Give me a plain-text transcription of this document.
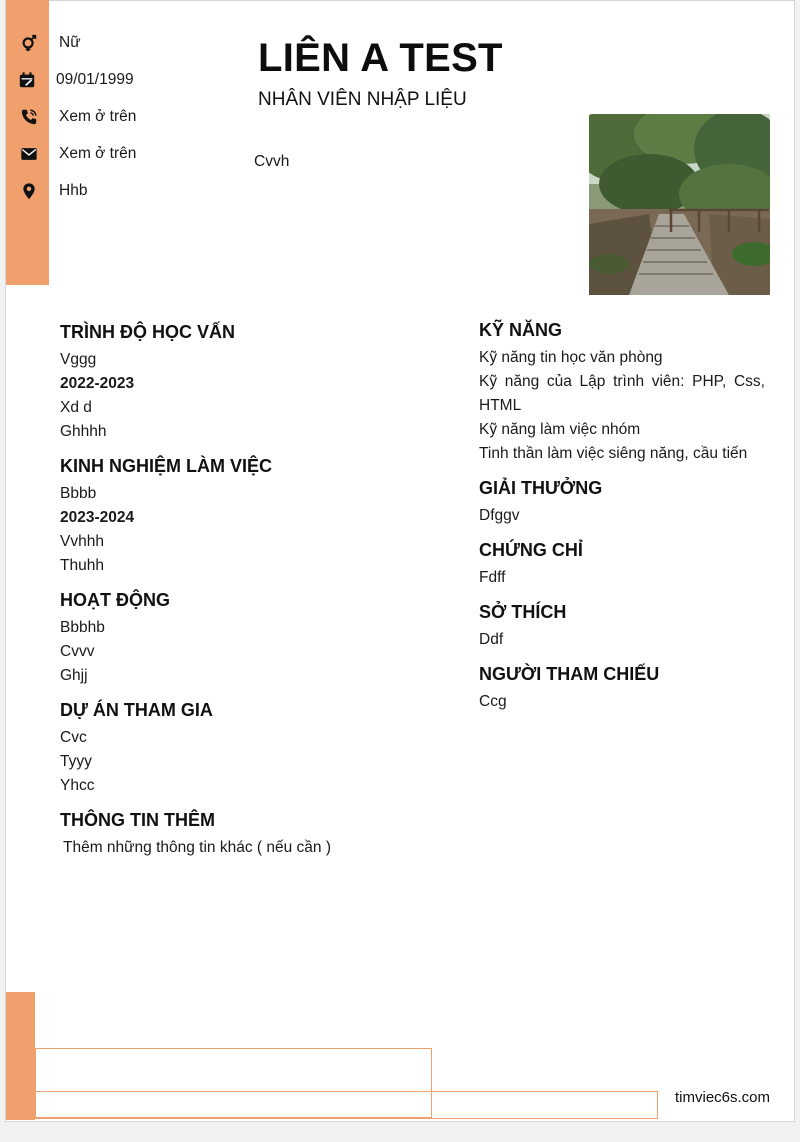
Nữ
09/01/1999
Xem ở trên
Xem ở trên
Hhb
LIÊN A TEST
NHÂN VIÊN NHẬP LIỆU
Cvvh
TRÌNH ĐỘ HỌC VẤN
Vggg
2022-2023
Xd d
Ghhhh
KINH NGHIỆM LÀM VIỆC
Bbbb
2023-2024
Vvhhh
Thuhh
HOẠT ĐỘNG
Bbbhb
Cvvv
Ghjj
DỰ ÁN THAM GIA
Cvc
Tyyy
Yhcc
THÔNG TIN THÊM
Thêm những thông tin khác ( nếu cần )
KỸ NĂNG
Kỹ năng tin học văn phòng
Kỹ năng của Lập trình viên: PHP, Css, HTML
Kỹ năng làm việc nhóm
Tinh thần làm việc siêng năng, cầu tiến
GIẢI THƯỞNG
Dfggv
CHỨNG CHỈ
Fdff
SỞ THÍCH
Ddf
NGƯỜI THAM CHIẾU
Ccg
timviec6s.com
